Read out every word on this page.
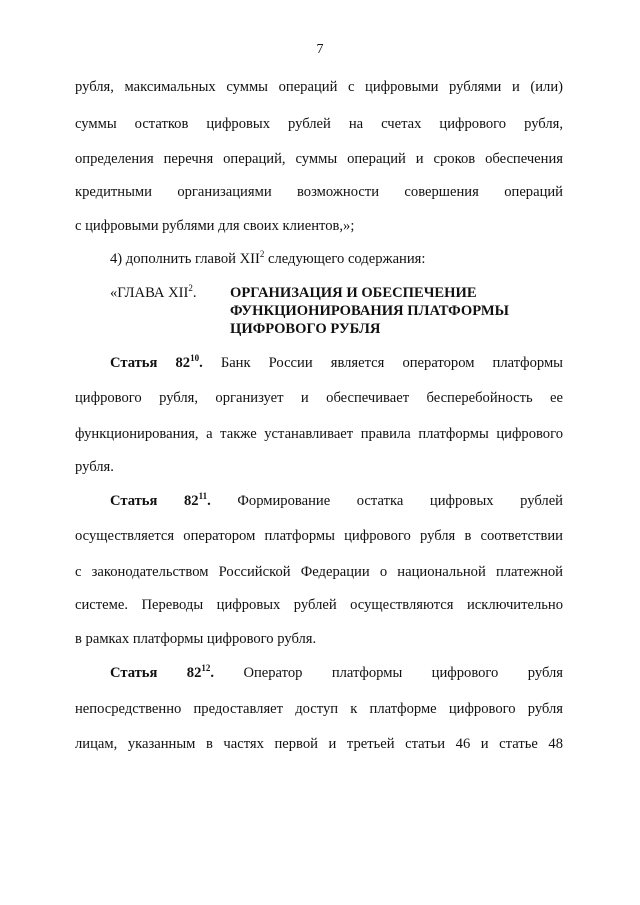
7
рубля, максимальных суммы операций с цифровыми рублями и (или)
суммы остатков цифровых рублей на счетах цифрового рубля,
определения перечня операций, суммы операций и сроков обеспечения
кредитными организациями возможности совершения операций
с цифровыми рублями для своих клиентов,»;
4) дополнить главой XII$^2$ следующего содержания:
«ГЛАВА XII$^2$. ОРГАНИЗАЦИЯ И ОБЕСПЕЧЕНИЕ
ФУНКЦИОНИРОВАНИЯ ПЛАТФОРМЫ
ЦИФРОВОГО РУБЛЯ
Статья $82^{10}$. Банк России является оператором платформы
цифрового рубля, организует и обеспечивает бесперебойность ее
функционирования, а также устанавливает правила платформы цифрового
рубля.
Статья $82^{11}$. Формирование остатка цифровых рублей
осуществляется оператором платформы цифрового рубля в соответствии
с законодательством Российской Федерации о национальной платежной
системе. Переводы цифровых рублей осуществляются исключительно
в рамках платформы цифрового рубля.
Статья $82^{12}$. Оператор платформы цифрового рубля
непосредственно предоставляет доступ к платформе цифрового рубля
лицам, указанным в частях первой и третьей статьи 46 и статье 48
